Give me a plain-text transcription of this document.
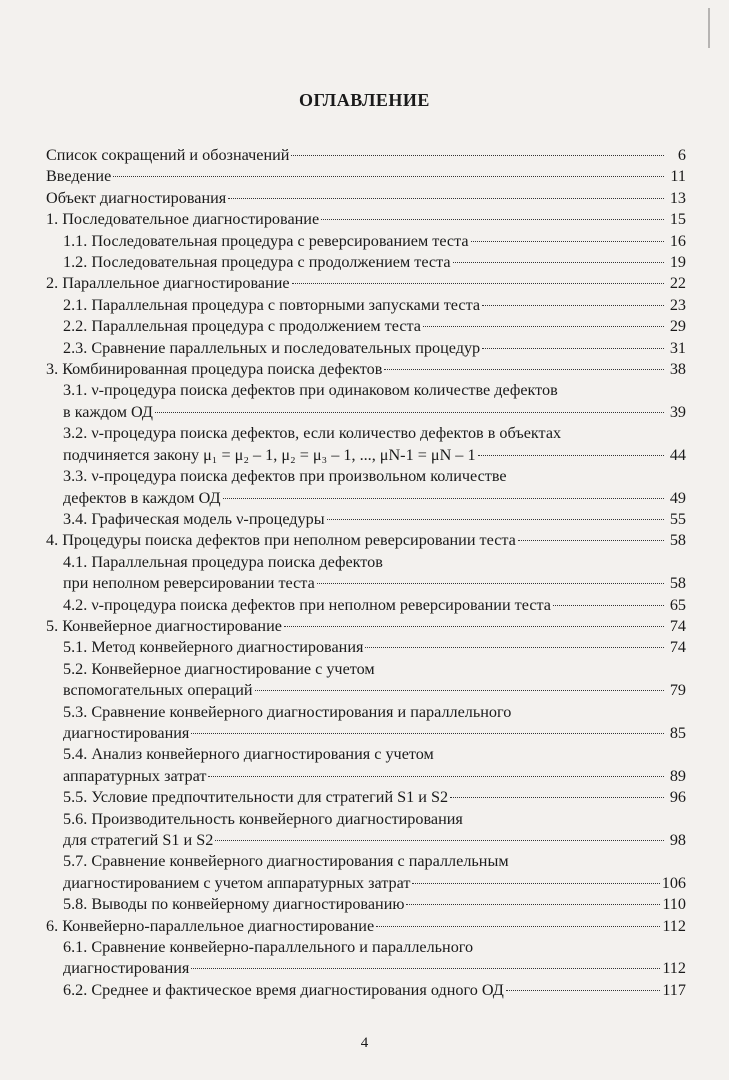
ОГЛАВЛЕНИЕ
Список сокращений и обозначений	6
Введение	11
Объект диагностирования	13
1. Последовательное диагностирование	15
1.1. Последовательная процедура с реверсированием теста	16
1.2. Последовательная процедура с продолжением теста	19
2. Параллельное диагностирование	22
2.1. Параллельная процедура с повторными запусками теста	23
2.2. Параллельная процедура с продолжением теста	29
2.3. Сравнение параллельных и последовательных процедур	31
3. Комбинированная процедура поиска дефектов	38
3.1. ν-процедура поиска дефектов при одинаковом количестве дефектов
в каждом ОД	39
3.2. ν-процедура поиска дефектов, если количество дефектов в объектах
подчиняется закону μ₁ = μ₂ – 1, μ₂ = μ₃ – 1, ..., μN-1 = μN – 1	44
3.3. ν-процедура поиска дефектов при произвольном количестве
дефектов в каждом ОД	49
3.4. Графическая модель ν-процедуры	55
4. Процедуры поиска дефектов при неполном реверсировании теста	58
4.1. Параллельная процедура поиска дефектов
при неполном реверсировании теста	58
4.2. ν-процедура поиска дефектов при неполном реверсировании теста	65
5. Конвейерное диагностирование	74
5.1. Метод конвейерного диагностирования	74
5.2. Конвейерное диагностирование с учетом
вспомогательных операций	79
5.3. Сравнение конвейерного диагностирования и параллельного
диагностирования	85
5.4. Анализ конвейерного диагностирования с учетом
аппаратурных затрат	89
5.5. Условие предпочтительности для стратегий S1 и S2	96
5.6. Производительность конвейерного диагностирования
для стратегий S1 и S2	98
5.7. Сравнение конвейерного диагностирования с параллельным
диагностированием с учетом аппаратурных затрат	106
5.8. Выводы по конвейерному диагностированию	110
6. Конвейерно-параллельное диагностирование	112
6.1. Сравнение конвейерно-параллельного и параллельного
диагностирования	112
6.2. Среднее и фактическое время диагностирования одного ОД	117
4
